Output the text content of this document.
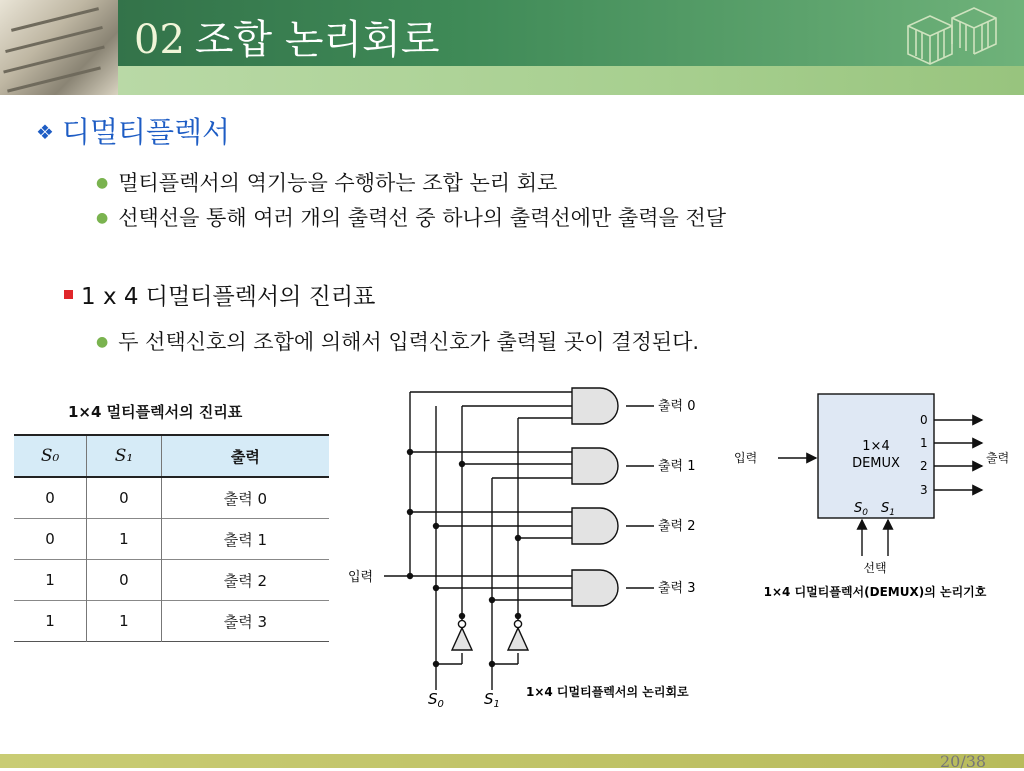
02 조합 논리회로
❖ 디멀티플렉서
● 멀티플렉서의 역기능을 수행하는 조합 논리 회로
● 선택선을 통해 여러 개의 출력선 중 하나의 출력선에만 출력을 전달
1 x 4 디멀티플렉서의 진리표
● 두 선택신호의 조합에 의해서 입력신호가 출력될 곳이 결정된다.
1×4 멀티플렉서의 진리표
S₀	S₁	출력
0	0	출력 0
0	1	출력 1
1	0	출력 2
1	1	출력 3
입력
출력 0
출력 1
출력 2
출력 3
$S_0$	$S_1$
1×4 디멀티플렉서의 논리회로
1×4
DEMUX
입력
0
1
2
3
출력
$S_0$ $S_1$
선택
1×4 디멀티플렉서(DEMUX)의 논리기호
20/38
